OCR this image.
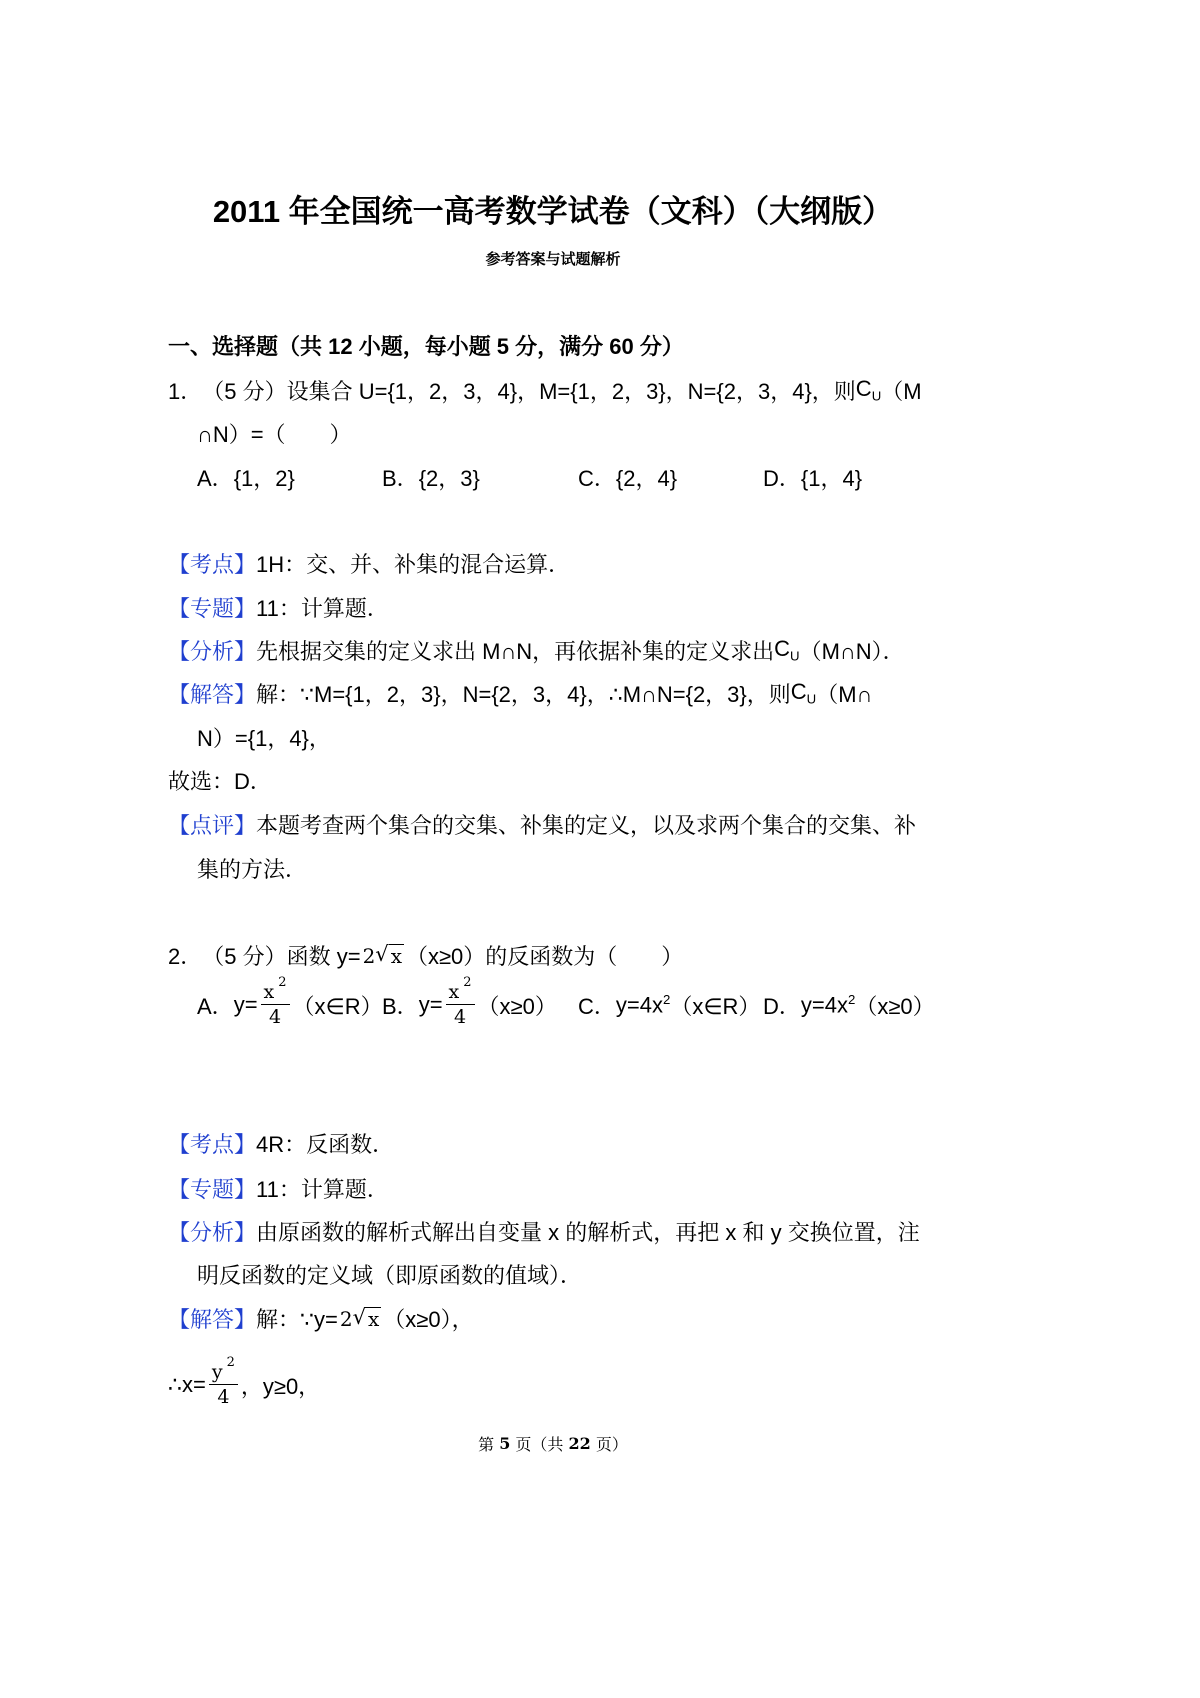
2011 年全国统一高考数学试卷（文科）（大纲版）
参考答案与试题解析
一、选择题（共 12 小题，每小题 5 分，满分 60 分）
1． （5 分）设集合 U={1，2，3，4}，M={1，2，3}，N={2，3，4}，则 $C_U$ （M
∩N）=（　　）
A． {1，2}	B． {2，3}	C． {2，4}	D． {1，4}
【考点】 1H：交、并、补集的混合运算．
【专题】 11：计算题．
【分析】 先根据交集的定义求出 M∩N，再依据补集的定义求出 $C_U$ （M∩N）．
【解答】 解：∵M={1，2，3}，N={2，3，4}，∴M∩N={2，3}，则 $C_U$ （M∩
N）={1，4}，
故选：D．
【点评】 本题考查两个集合的交集、补集的定义，以及求两个集合的交集、补
集的方法．
2． （5 分）函数 y= 2 √ x （x≥0）的反函数为（　　）
A． $y= \frac{x 2}{4}$ （x∈R） B． $y= \frac{x 2}{4} (x\ge 0)$ C． $y=4x^2$ （x∈R） D． $y=4x^2$ （x≥0）
【考点】 4R：反函数．
【专题】 11：计算题．
【分析】 由原函数的解析式解出自变量 x 的解析式，再把 x 和 y 交换位置，注
明反函数的定义域（即原函数的值域）．
【解答】 解：∵y= 2 √ x （x≥0），
∴x= $\frac{y 2}{4}$ ，y≥0，
第 5 页（共 22 页）
